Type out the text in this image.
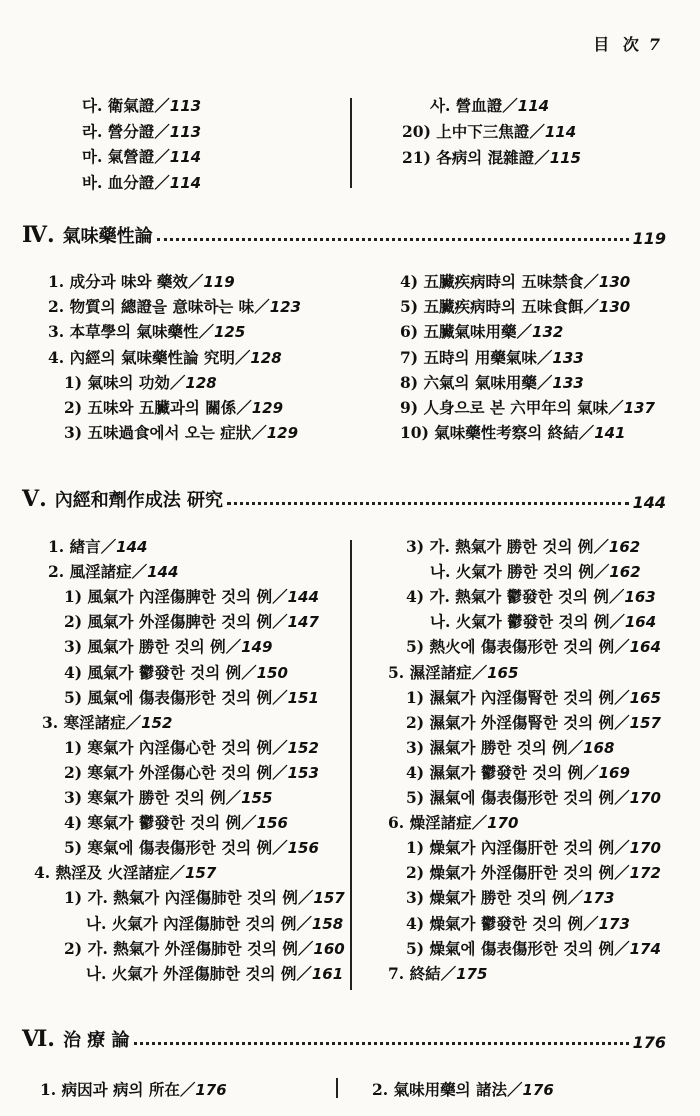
目 次 7
Ⅳ. 氣味藥性論	119
Ⅴ. 內經和劑作成法 研究	144
Ⅵ. 治 療 論	176
다. 衛氣證／113
라. 營分證／113
마. 氣營證／114
바. 血分證／114
사. 營血證／114
20) 上中下三焦證／114
21) 各病의 混雜證／115
1. 成分과 味와 藥效／119
2. 物質의 總證을 意味하는 味／123
3. 本草學의 氣味藥性／125
4. 內經의 氣味藥性論 究明／128
1) 氣味의 功効／128
2) 五味와 五臟과의 關係／129
3) 五味過食에서 오는 症狀／129
4) 五臟疾病時의 五味禁食／130
5) 五臟疾病時의 五味食餌／130
6) 五臟氣味用藥／132
7) 五時의 用藥氣味／133
8) 六氣의 氣味用藥／133
9) 人身으로 본 六甲年의 氣味／137
10) 氣味藥性考察의 終結／141
1. 緖言／144
2. 風淫諸症／144
1) 風氣가 內淫傷脾한 것의 例／144
2) 風氣가 外淫傷脾한 것의 例／147
3) 風氣가 勝한 것의 例／149
4) 風氣가 鬱發한 것의 例／150
5) 風氣에 傷表傷形한 것의 例／151
3. 寒淫諸症／152
1) 寒氣가 內淫傷心한 것의 例／152
2) 寒氣가 外淫傷心한 것의 例／153
3) 寒氣가 勝한 것의 例／155
4) 寒氣가 鬱發한 것의 例／156
5) 寒氣에 傷表傷形한 것의 例／156
4. 熱淫及 火淫諸症／157
1) 가. 熱氣가 內淫傷肺한 것의 例／157
나. 火氣가 內淫傷肺한 것의 例／158
2) 가. 熱氣가 外淫傷肺한 것의 例／160
나. 火氣가 外淫傷肺한 것의 例／161
3) 가. 熱氣가 勝한 것의 例／162
나. 火氣가 勝한 것의 例／162
4) 가. 熱氣가 鬱發한 것의 例／163
나. 火氣가 鬱發한 것의 例／164
5) 熱火에 傷表傷形한 것의 例／164
5. 濕淫諸症／165
1) 濕氣가 內淫傷腎한 것의 例／165
2) 濕氣가 外淫傷腎한 것의 例／157
3) 濕氣가 勝한 것의 例／168
4) 濕氣가 鬱發한 것의 例／169
5) 濕氣에 傷表傷形한 것의 例／170
6. 燥淫諸症／170
1) 燥氣가 內淫傷肝한 것의 例／170
2) 燥氣가 外淫傷肝한 것의 例／172
3) 燥氣가 勝한 것의 例／173
4) 燥氣가 鬱發한 것의 例／173
5) 燥氣에 傷表傷形한 것의 例／174
7. 終結／175
1. 病因과 病의 所在／176	2. 氣味用藥의 諸法／176
